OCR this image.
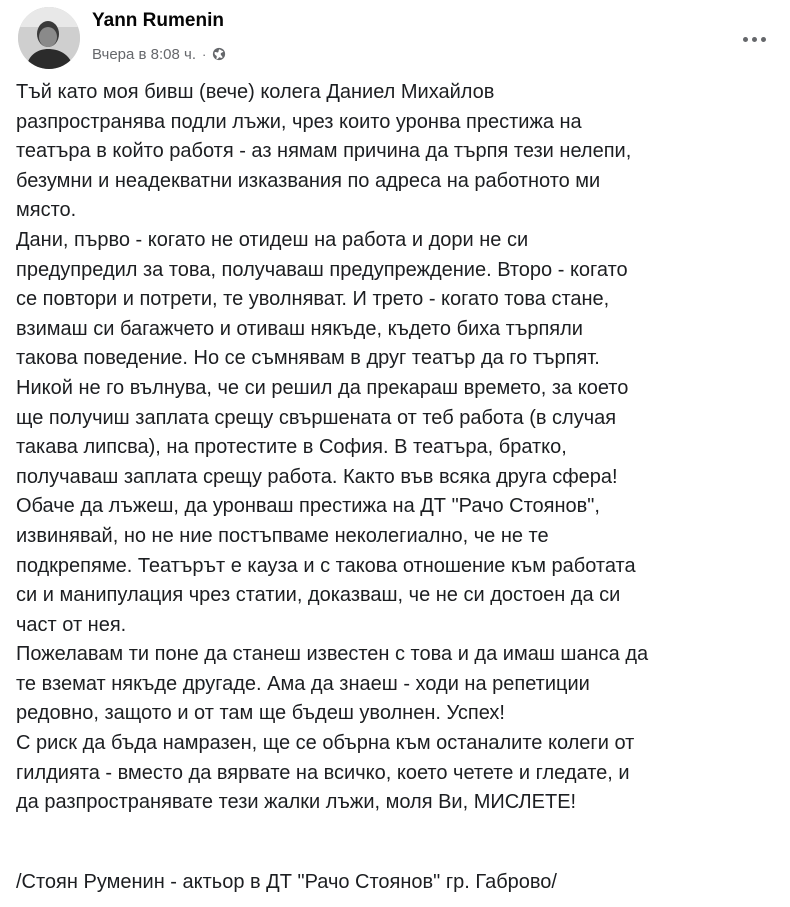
Yann Rumenin
Вчера в 8:08 ч. ·
Тъй като моя бивш (вече) колега Даниел Михайлов
разпространява подли лъжи, чрез които уронва престижа на
театъра в който работя - аз нямам причина да търпя тези нелепи,
безумни и неадекватни изказвания по адреса на работното ми
място.
Дани, първо - когато не отидеш на работа и дори не си
предупредил за това, получаваш предупреждение. Второ - когато
се повтори и потрети, те уволняват. И трето - когато това стане,
взимаш си багажчето и отиваш някъде, където биха търпяли
такова поведение. Но се съмнявам в друг театър да го търпят.
Никой не го вълнува, че си решил да прекараш времето, за което
ще получиш заплата срещу свършената от теб работа (в случая
такава липсва), на протестите в София. В театъра, братко,
получаваш заплата срещу работа. Както във всяка друга сфера!
Обаче да лъжеш, да уронваш престижа на ДТ "Рачо Стоянов",
извинявай, но не ние постъпваме неколегиално, че не те
подкрепяме. Театърът е кауза и с такова отношение към работата
си и манипулация чрез статии, доказваш, че не си достоен да си
част от нея.
Пожелавам ти поне да станеш известен с това и да имаш шанса да
те вземат някъде другаде. Ама да знаеш - ходи на репетиции
редовно, защото и от там ще бъдеш уволнен. Успех!
С риск да бъда намразен, ще се обърна към останалите колеги от
гилдията - вместо да вярвате на всичко, което четете и гледате, и
да разпространявате тези жалки лъжи, моля Ви, МИСЛЕТЕ!
/Стоян Руменин - актьор в ДТ "Рачо Стоянов" гр. Габрово/
